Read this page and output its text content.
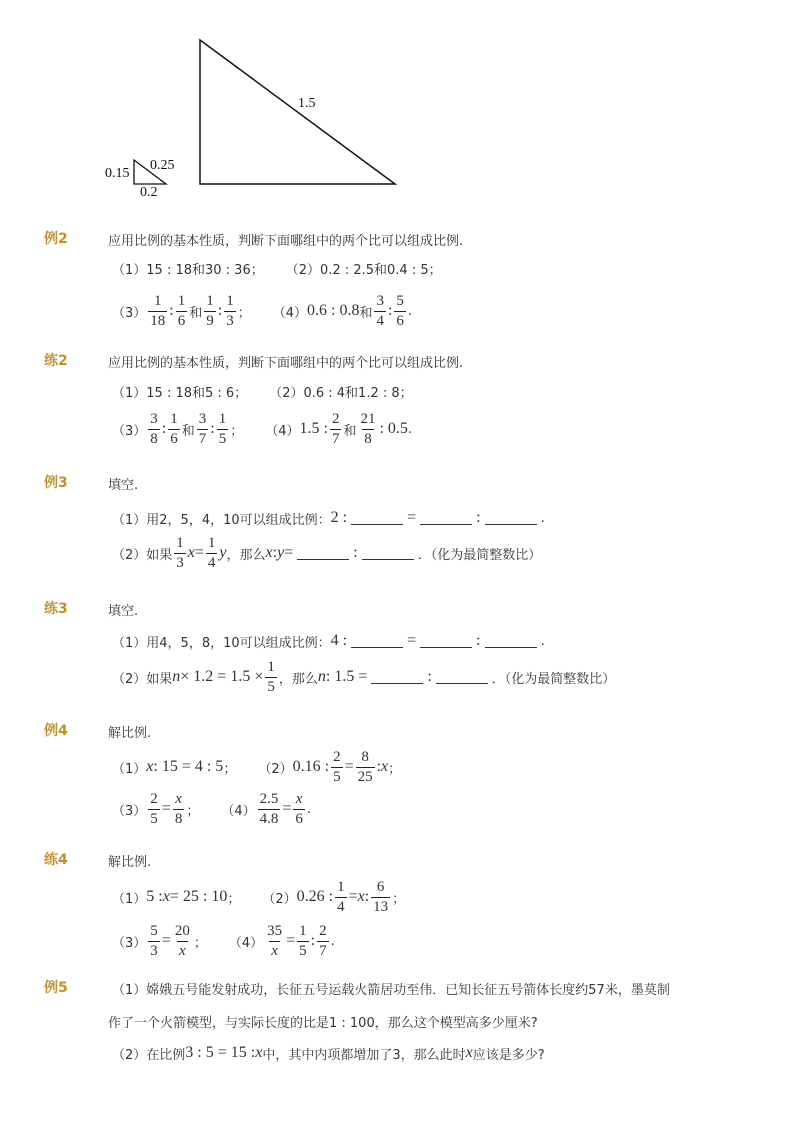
1.5
0.15
0.25
0.2
例2	应用比例的基本性质，判断下面哪组中的两个比可以组成比例.
（1）15 : 18和30 : 36； （2）0.2 : 2.5和0.4 : 5；
$(3) \frac{1}{18}$ : $\frac{1}{6}$ 和 $\frac{1}{9}$ : $\frac{1}{3}$ ； （4） 0.6 : 0.8 和 $\frac{3}{4}$ : $\frac{5}{6}$ .
练2	应用比例的基本性质，判断下面哪组中的两个比可以组成比例.
（1）15 : 18和5 : 6； （2）0.6 : 4和1.2 : 8；
$(3) \frac{3}{8}$ : $\frac{1}{6}$ 和 $\frac{3}{7}$ : $\frac{1}{5}$ ； （4） 1.5 : $\frac{2}{7}$ 和 $\frac{21}{8}$ : 0.5 .
例3	填空.
（1）用2，5，4，10可以组成比例： 2 :	=	:	.
（2）如果 $\frac{1}{3}$ $x = \frac{1}{4}$ y ，那么 x : y =	:	．（化为最简整数比）
练3	填空.
（1）用4，5，8，10可以组成比例： 4 :	=	:	.
（2）如果 $n \times 1.2 = 1.5 \times \frac{1}{5}$ ，那么 n : 1.5 =	:	．（化为最简整数比）
例4	解比例.
（1） x : 15 = 4 : 5 ； （2） 0.16 : $\frac{2}{5} = \frac{8}{25}$ : x ；
$(3) \frac{2}{5} = \frac{x}{8}$ ； $(4) \frac{2.5}{4.8} = \frac{x}{6}$ .
练4	解比例.
（1） 5 : x = 25 : 10 ； （2） 0.26 : $\frac{1}{4} = x$ : $\frac{6}{13}$ ；
$(3) \frac{5}{3} = \frac{20}{x}$ ； $(4) \frac{35}{x} = \frac{1}{5}$ : $\frac{2}{7}$ .
例5	（1）嫦娥五号能发射成功，长征五号运载火箭居功至伟．已知长征五号箭体长度约57米，墨莫制
作了一个火箭模型，与实际长度的比是1 : 100，那么这个模型高多少厘米?
（2）在比例 3 : 5 = 15 : x 中，其中内项都增加了3，那么此时 x 应该是多少?
